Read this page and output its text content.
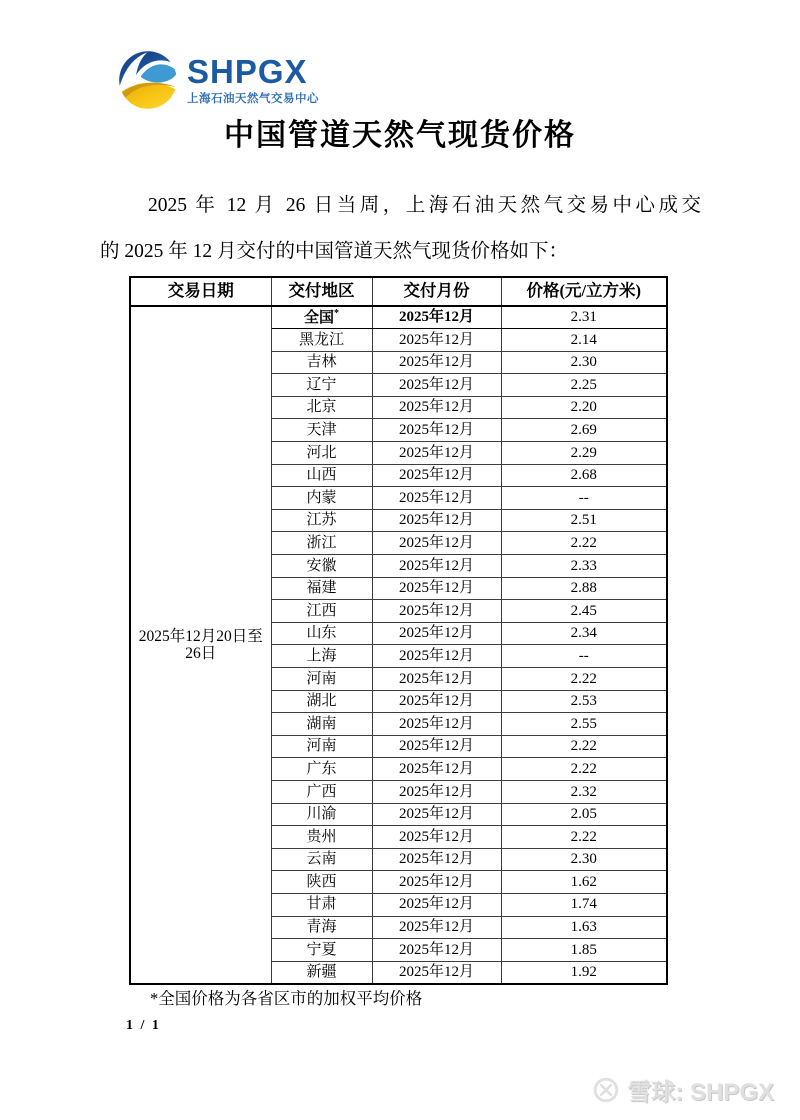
SHPGX
上海石油天然气交易中心
中国管道天然气现货价格
2025 年 12 月 26 日当周，上海石油天然气交易中心成交
的 2025 年 12 月交付的中国管道天然气现货价格如下：
交易日期	交付地区	交付月份	价格(元/立方米)

2025年12月20日至
26日	全国*	2025年12月	2.31
	黑龙江	2025年12月	2.14
	吉林	2025年12月	2.30
	辽宁	2025年12月	2.25
	北京	2025年12月	2.20
	天津	2025年12月	2.69
	河北	2025年12月	2.29
	山西	2025年12月	2.68
	内蒙	2025年12月	--
	江苏	2025年12月	2.51
	浙江	2025年12月	2.22
	安徽	2025年12月	2.33
	福建	2025年12月	2.88
	江西	2025年12月	2.45
	山东	2025年12月	2.34
	上海	2025年12月	--
	河南	2025年12月	2.22
	湖北	2025年12月	2.53
	湖南	2025年12月	2.55
	河南	2025年12月	2.22
	广东	2025年12月	2.22
	广西	2025年12月	2.32
	川渝	2025年12月	2.05
	贵州	2025年12月	2.22
	云南	2025年12月	2.30
	陕西	2025年12月	1.62
	甘肃	2025年12月	1.74
	青海	2025年12月	1.63
	宁夏	2025年12月	1.85
	新疆	2025年12月	1.92
*全国价格为各省区市的加权平均价格
1 / 1
雪球: SHPGX
